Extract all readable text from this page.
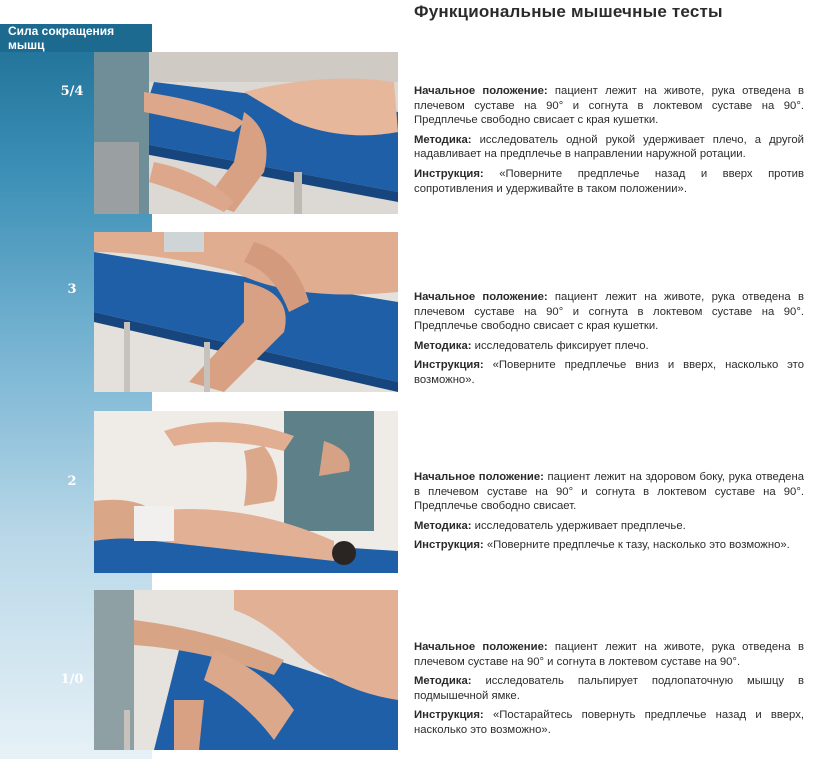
Функциональные мышечные тесты
Сила сокращения мышц
5/4
3
2
1/0

Начальное положение: пациент лежит на животе, рука отведена в плечевом суставе на 90° и согнута в локтевом суставе на 90°. Предплечье свободно свисает с края кушетки.

Методика: исследователь одной рукой удерживает плечо, а другой надавливает на предплечье в направлении наружной ротации.

Инструкция: «Поверните предплечье назад и вверх против сопротивления и удерживайте в таком положении».

Начальное положение: пациент лежит на животе, рука отведена в плечевом суставе на 90° и согнута в локтевом суставе на 90°. Предплечье свободно свисает с края кушетки.

Методика: исследователь фиксирует плечо.

Инструкция: «Поверните предплечье вниз и вверх, насколько это возможно».

Начальное положение: пациент лежит на здоровом боку, рука отведена в плечевом суставе на 90° и согнута в локтевом суставе на 90°. Предплечье свободно свисает.

Методика: исследователь удерживает предплечье.

Инструкция: «Поверните предплечье к тазу, насколько это возможно».

Начальное положение: пациент лежит на животе, рука отведена в плечевом суставе на 90° и согнута в локтевом суставе на 90°.

Методика: исследователь пальпирует подлопаточную мышцу в подмышечной ямке.

Инструкция: «Постарайтесь повернуть предплечье назад и вверх, насколько это возможно».
